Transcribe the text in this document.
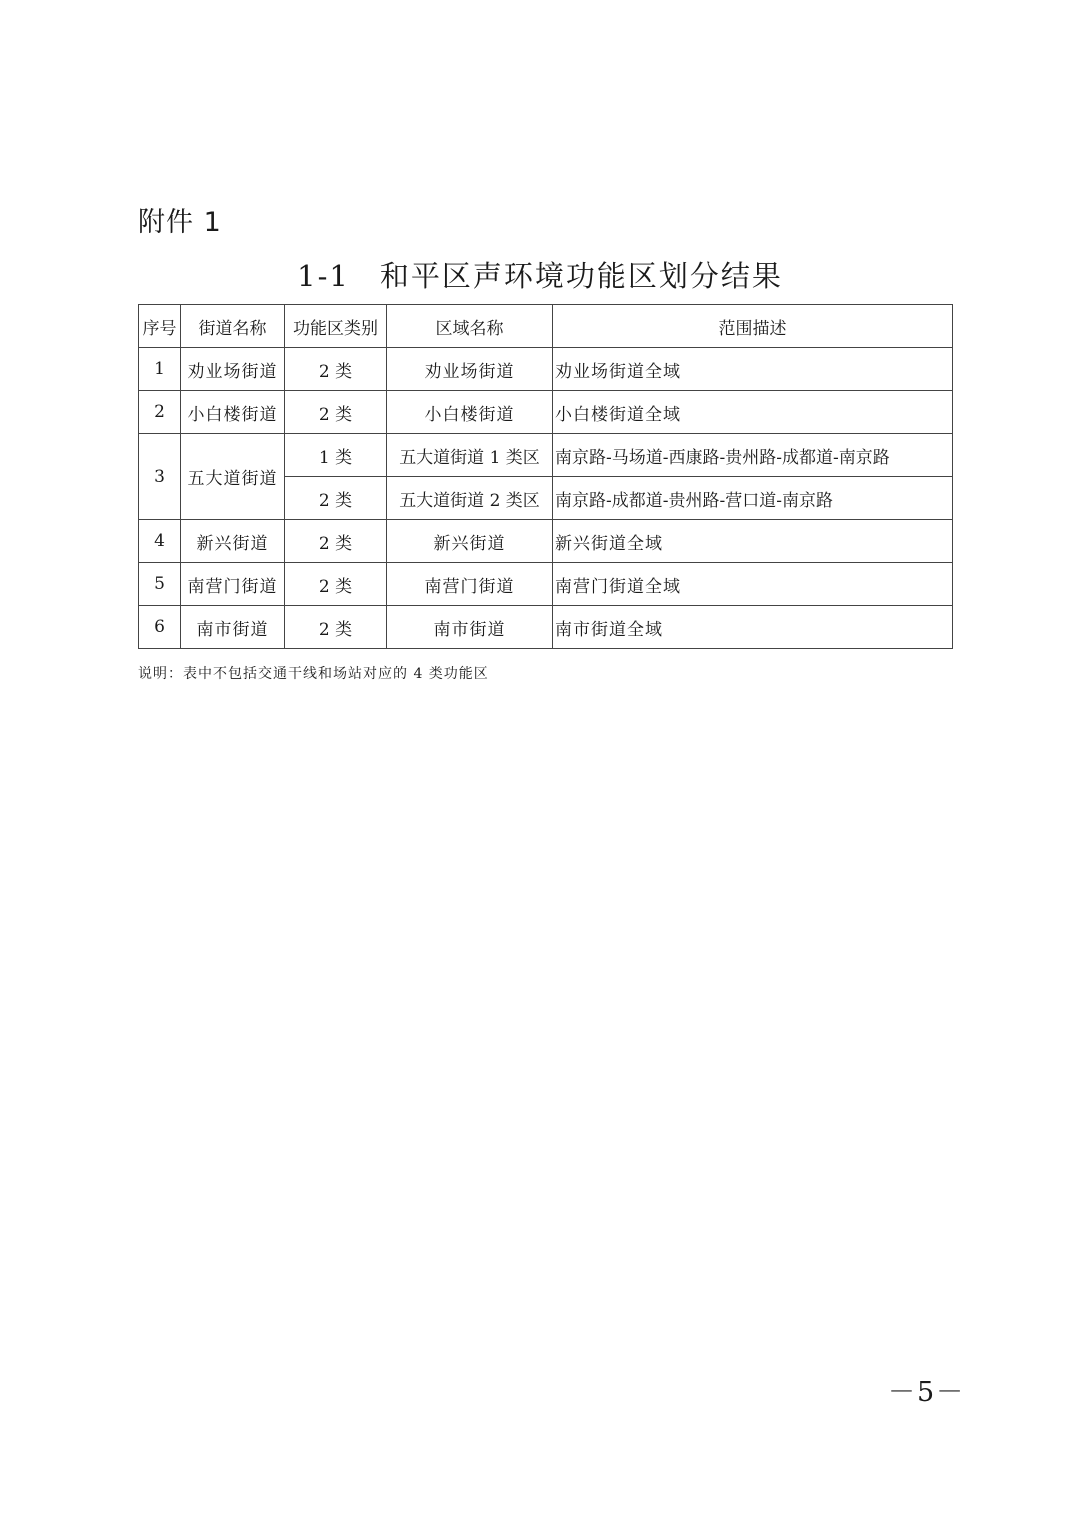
附件 1
1-1 和平区声环境功能区划分结果
序号	街道名称	功能区类别	区域名称	范围描述
1	劝业场街道	2 类	劝业场街道	劝业场街道全域
2	小白楼街道	2 类	小白楼街道	小白楼街道全域
3	五大道街道	1 类	五大道街道 1 类区	南京路-马场道-西康路-贵州路-成都道-南京路
		2 类	五大道街道 2 类区	南京路-成都道-贵州路-营口道-南京路
4	新兴街道	2 类	新兴街道	新兴街道全域
5	南营门街道	2 类	南营门街道	南营门街道全域
6	南市街道	2 类	南市街道	南市街道全域
说明：表中不包括交通干线和场站对应的 4 类功能区
－5－
